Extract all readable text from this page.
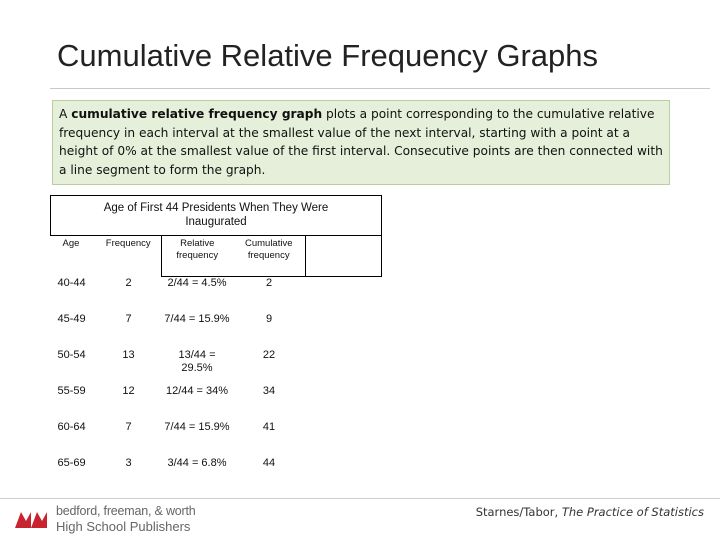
Cumulative Relative Frequency Graphs
A cumulative relative frequency graph plots a point corresponding to the cumulative relative frequency in each interval at the smallest value of the next interval, starting with a point at a height of 0% at the smallest value of the first interval. Consecutive points are then connected with a line segment to form the graph.
Age of First 44 Presidents When They Were Inaugurated				
Age	Frequency	Relative frequency	Cumulative frequency	
40-44	2	2/44 = 4.5%	2	
45-49	7	7/44 = 15.9%	9	
50-54	13	13/44 = 29.5%	22	
55-59	12	12/44 = 34%	34	
60-64	7	7/44 = 15.9%	41	
65-69	3	3/44 = 6.8%	44	
bedford, freeman, & worth
High School Publishers
Starnes/Tabor, The Practice of Statistics
